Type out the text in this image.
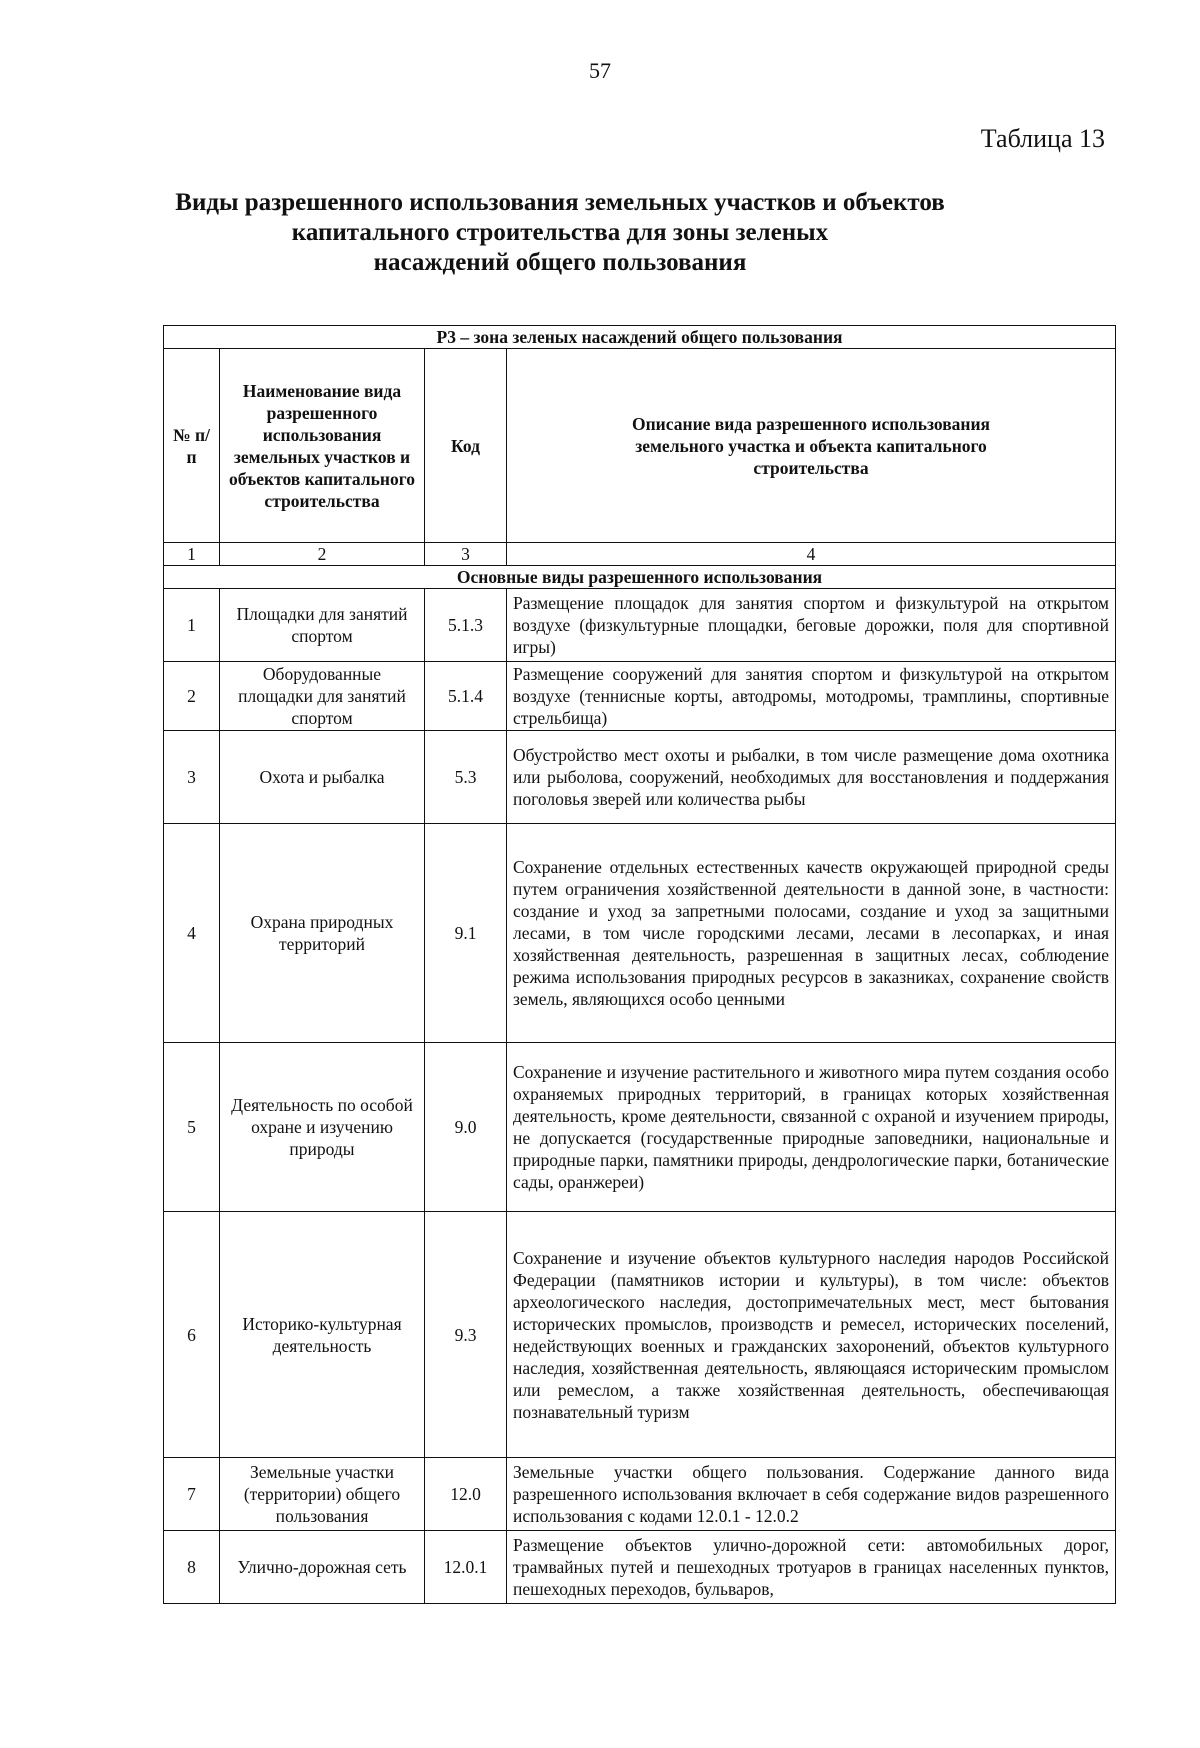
57
Таблица 13
Виды разрешенного использования земельных участков и объектов
капитального строительства для зоны зеленых
насаждений общего пользования
Р3 – зона зеленых насаждений общего пользования			
№ п/п	Наименование вида разрешенного использования земельных участков и объектов капитального строительства	Код	Описание вида разрешенного использования земельного участка и объекта капитального строительства
1	2	3	4
Основные виды разрешенного использования			
1	Площадки для занятий спортом	5.1.3	Размещение площадок для занятия спортом и физкультурой на открытом воздухе (физкультурные площадки, беговые дорожки, поля для спортивной игры)
2	Оборудованные площадки для занятий спортом	5.1.4	Размещение сооружений для занятия спортом и физкультурой на открытом воздухе (теннисные корты, автодромы, мотодромы, трамплины, спортивные стрельбища)
3	Охота и рыбалка	5.3	Обустройство мест охоты и рыбалки, в том числе размещение дома охотника или рыболова, сооружений, необходимых для восстановления и поддержания поголовья зверей или количества рыбы
4	Охрана природных территорий	9.1	Сохранение отдельных естественных качеств окружающей природной среды путем ограничения хозяйственной деятельности в данной зоне, в частности: создание и уход за запретными полосами, создание и уход за защитными лесами, в том числе городскими лесами, лесами в лесопарках, и иная хозяйственная деятельность, разрешенная в защитных лесах, соблюдение режима использования природных ресурсов в заказниках, сохранение свойств земель, являющихся особо ценными
5	Деятельность по особой охране и изучению природы	9.0	Сохранение и изучение растительного и животного мира путем создания особо охраняемых природных территорий, в границах которых хозяйственная деятельность, кроме деятельности, связанной с охраной и изучением природы, не допускается (государственные природные заповедники, национальные и природные парки, памятники природы, дендрологические парки, ботанические сады, оранжереи)
6	Историко-культурная деятельность	9.3	Сохранение и изучение объектов культурного наследия народов Российской Федерации (памятников истории и культуры), в том числе: объектов археологического наследия, достопримечательных мест, мест бытования исторических промыслов, производств и ремесел, исторических поселений, недействующих военных и гражданских захоронений, объектов культурного наследия, хозяйственная деятельность, являющаяся историческим промыслом или ремеслом, а также хозяйственная деятельность, обеспечивающая познавательный туризм
7	Земельные участки (территории) общего пользования	12.0	Земельные участки общего пользования. Содержание данного вида разрешенного использования включает в себя содержание видов разрешенного использования с кодами 12.0.1 - 12.0.2
8	Улично-дорожная сеть	12.0.1	Размещение объектов улично-дорожной сети: автомобильных дорог, трамвайных путей и пешеходных тротуаров в границах населенных пунктов, пешеходных переходов, бульваров,
